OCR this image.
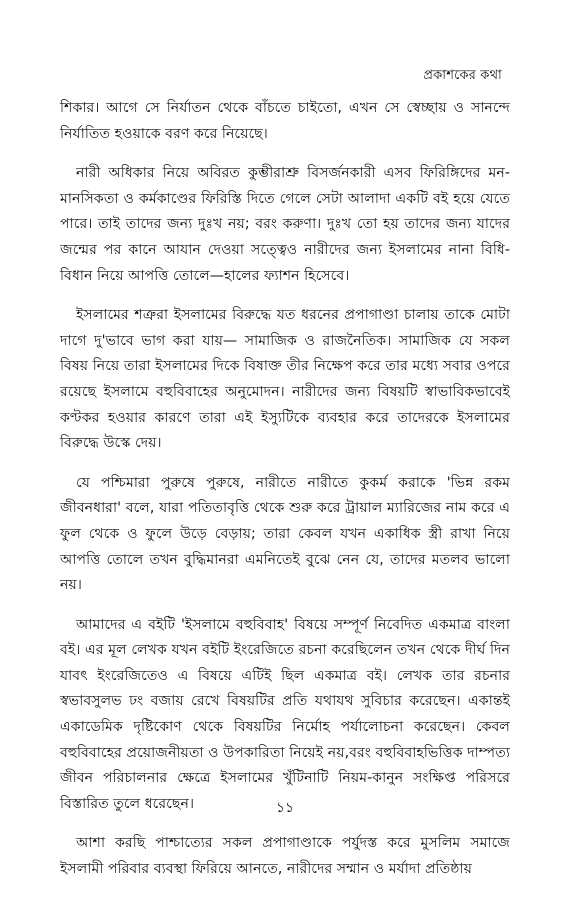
প্রকাশকের কথা

শিকার। আগে সে নির্যাতন থেকে বাঁচতে চাইতো, এখন সে স্বেচ্ছায় ও সানন্দে নির্যাতিত হওয়াকে বরণ করে নিয়েছে।

নারী অধিকার নিয়ে অবিরত কুম্ভীরাশ্রু বিসর্জনকারী এসব ফিরিঙ্গিদের মন-মানসিকতা ও কর্মকাণ্ডের ফিরিস্তি দিতে গেলে সেটা আলাদা একটি বই হয়ে যেতে পারে। তাই তাদের জন্য দুঃখ নয়; বরং করুণা। দুঃখ তো হয় তাদের জন্য যাদের জন্মের পর কানে আযান দেওয়া সত্ত্বেও নারীদের জন্য ইসলামের নানা বিধি-বিধান নিয়ে আপত্তি তোলে—হালের ফ্যাশন হিসেবে।

ইসলামের শত্রুরা ইসলামের বিরুদ্ধে যত ধরনের প্রপাগাণ্ডা চালায় তাকে মোটা দাগে দু'ভাবে ভাগ করা যায়— সামাজিক ও রাজনৈতিক। সামাজিক যে সকল বিষয় নিয়ে তারা ইসলামের দিকে বিষাক্ত তীর নিক্ষেপ করে তার মধ্যে সবার ওপরে রয়েছে ইসলামে বহুবিবাহের অনুমোদন। নারীদের জন্য বিষয়টি স্বাভাবিকভাবেই কণ্টকর হওয়ার কারণে তারা এই ইস্যুটিকে ব্যবহার করে তাদেরকে ইসলামের বিরুদ্ধে উস্কে দেয়।

যে পশ্চিমারা পুরুষে পুরুষে, নারীতে নারীতে কুকর্ম করাকে 'ভিন্ন রকম জীবনধারা' বলে, যারা পতিতাবৃত্তি থেকে শুরু করে ট্রায়াল ম্যারিজের নাম করে এ ফুল থেকে ও ফুলে উড়ে বেড়ায়; তারা কেবল যখন একাধিক স্ত্রী রাখা নিয়ে আপত্তি তোলে তখন বুদ্ধিমানরা এমনিতেই বুঝে নেন যে, তাদের মতলব ভালো নয়।

আমাদের এ বইটি 'ইসলামে বহুবিবাহ' বিষয়ে সম্পূর্ণ নিবেদিত একমাত্র বাংলা বই। এর মূল লেখক যখন বইটি ইংরেজিতে রচনা করেছিলেন তখন থেকে দীর্ঘ দিন যাবৎ ইংরেজিতেও এ বিষয়ে এটিই ছিল একমাত্র বই। লেখক তার রচনার স্বভাবসুলভ ঢং বজায় রেখে বিষয়টির প্রতি যথাযথ সুবিচার করেছেন। একান্তই একাডেমিক দৃষ্টিকোণ থেকে বিষয়টির নির্মোহ পর্যালোচনা করেছেন। কেবল বহুবিবাহের প্রয়োজনীয়তা ও উপকারিতা নিয়েই নয়,বরং বহুবিবাহভিত্তিক দাম্পত্য জীবন পরিচালনার ক্ষেত্রে ইসলামের খুঁটিনাটি নিয়ম-কানুন সংক্ষিপ্ত পরিসরে বিস্তারিত তুলে ধরেছেন।

আশা করছি পাশ্চাত্যের সকল প্রপাগাণ্ডাকে পর্যুদস্ত করে মুসলিম সমাজে ইসলামী পরিবার ব্যবস্থা ফিরিয়ে আনতে, নারীদের সম্মান ও মর্যাদা প্রতিষ্ঠায়

১১
